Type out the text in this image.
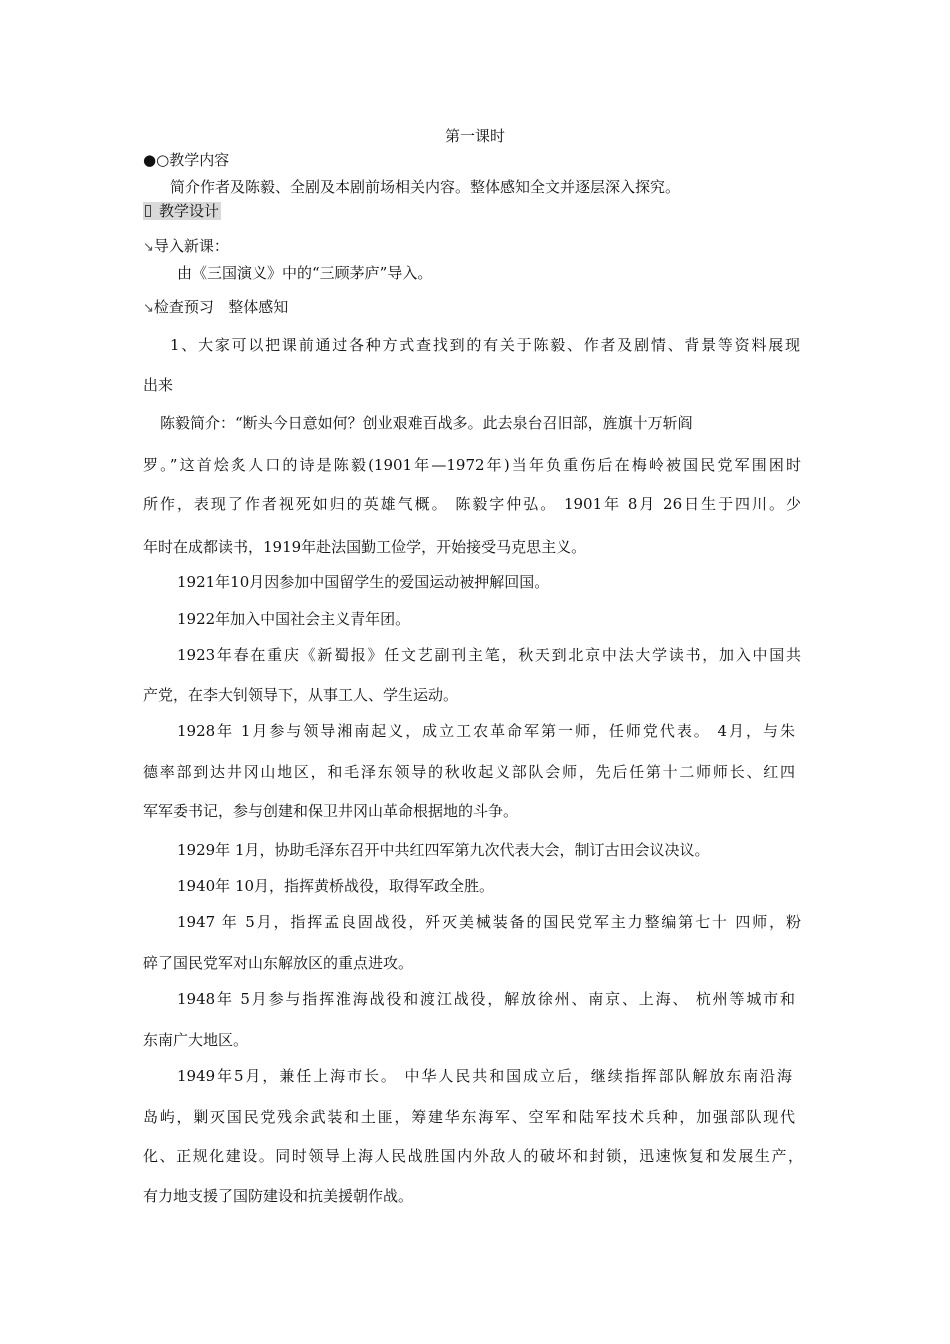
第一课时
●○教学内容
简介作者及陈毅、全剧及本剧前场相关内容。整体感知全文并逐层深入探究。
教学设计
↘导入新课：
由《三国演义》中的“三顾茅庐”导入。
↘检查预习   整体感知
1、大家可以把课前通过各种方式查找到的有关于陈毅、作者及剧情、背景等资料展现
出来
陈毅简介：“断头今日意如何？创业艰难百战多。此去泉台召旧部，旌旗十万斩阎
罗。”这首烩炙人口的诗是陈毅(1901年—1972年)当年负重伤后在梅岭被国民党军围困时
所作，表现了作者视死如归的英雄气概。 陈毅字仲弘。 1901年 8月 26日生于四川。少
年时在成都读书，1919年赴法国勤工俭学，开始接受马克思主义。
1921年10月因参加中国留学生的爱国运动被押解回国。
1922年加入中国社会主义青年团。
1923年春在重庆《新蜀报》任文艺副刊主笔，秋天到北京中法大学读书，加入中国共
产党，在李大钊领导下，从事工人、学生运动。
1928年 1月参与领导湘南起义，成立工农革命军第一师，任师党代表。 4月，与朱
德率部到达井冈山地区，和毛泽东领导的秋收起义部队会师，先后任第十二师师长、红四
军军委书记，参与创建和保卫井冈山革命根据地的斗争。
1929年 1月，协助毛泽东召开中共红四军第九次代表大会，制订古田会议决议。
1940年 10月，指挥黄桥战役，取得军政全胜。
1947 年 5月，指挥孟良固战役，歼灭美械装备的国民党军主力整编第七十 四师，粉
碎了国民党军对山东解放区的重点进攻。
1948年 5月参与指挥淮海战役和渡江战役，解放徐州、南京、上海、 杭州等城市和
东南广大地区。
1949年5月，兼任上海市长。 中华人民共和国成立后，继续指挥部队解放东南沿海
岛屿，剿灭国民党残余武装和土匪，筹建华东海军、空军和陆军技术兵种，加强部队现代
化、正规化建设。同时领导上海人民战胜国内外敌人的破坏和封锁，迅速恢复和发展生产，
有力地支援了国防建设和抗美援朝作战。
